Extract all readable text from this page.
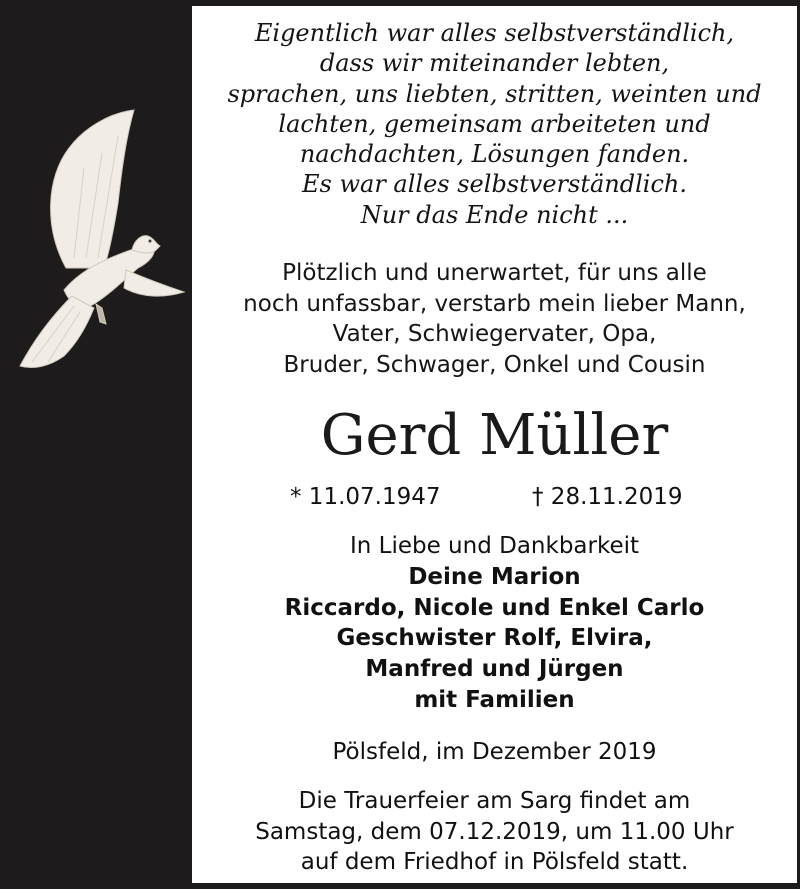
Eigentlich war alles selbstverständlich,
dass wir miteinander lebten,
sprachen, uns liebten, stritten, weinten und
lachten, gemeinsam arbeiteten und
nachdachten, Lösungen fanden.
Es war alles selbstverständlich.
Nur das Ende nicht ...
Plötzlich und unerwartet, für uns alle
noch unfassbar, verstarb mein lieber Mann,
Vater, Schwiegervater, Opa,
Bruder, Schwager, Onkel und Cousin
Gerd Müller
* 11.07.1947	† 28.11.2019
In Liebe und Dankbarkeit
Deine Marion
Riccardo, Nicole und Enkel Carlo
Geschwister Rolf, Elvira,
Manfred und Jürgen
mit Familien
Pölsfeld, im Dezember 2019
Die Trauerfeier am Sarg findet am
Samstag, dem 07.12.2019, um 11.00 Uhr
auf dem Friedhof in Pölsfeld statt.
